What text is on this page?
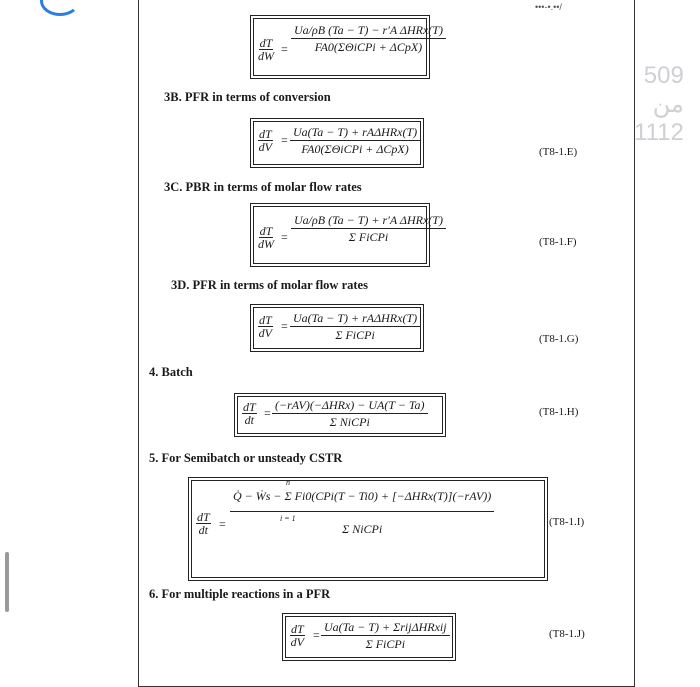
•••-•.••/
dT
dW =
Ua/ρB (Ta − T) − r′A ΔHRx(T)
FA0(ΣΘiCPi + ΔCpX)
509 من 1112
3B. PFR in terms of conversion
dT
dV =
Ua(Ta − T) + rAΔHRx(T)
FA0(ΣΘiCPi + ΔCpX)	(T8-1.E)
3C. PBR in terms of molar flow rates
dT
dW =
Ua/ρB (Ta − T) + r′A ΔHRx(T)
Σ FiCPi	(T8-1.F)
3D. PFR in terms of molar flow rates
dT
dV =
Ua(Ta − T) + rAΔHRx(T)
Σ FiCPi	(T8-1.G)
4. Batch
dT
dt =
(−rAV)(−ΔHRx) − UA(T − Ta)
Σ NiCPi
(T8-1.H)
5. For Semibatch or unsteady CSTR
dT
dt =
n
i = 1
Q̇ − Ẇs − Σ Fi0(CPi(T − Ti0) + [−ΔHRx(T)](−rAV))
Σ NiCPi	(T8-1.I)
6. For multiple reactions in a PFR
dT
dV =
Ua(Ta − T) + ΣrijΔHRxij
Σ FiCPi
(T8-1.J)
